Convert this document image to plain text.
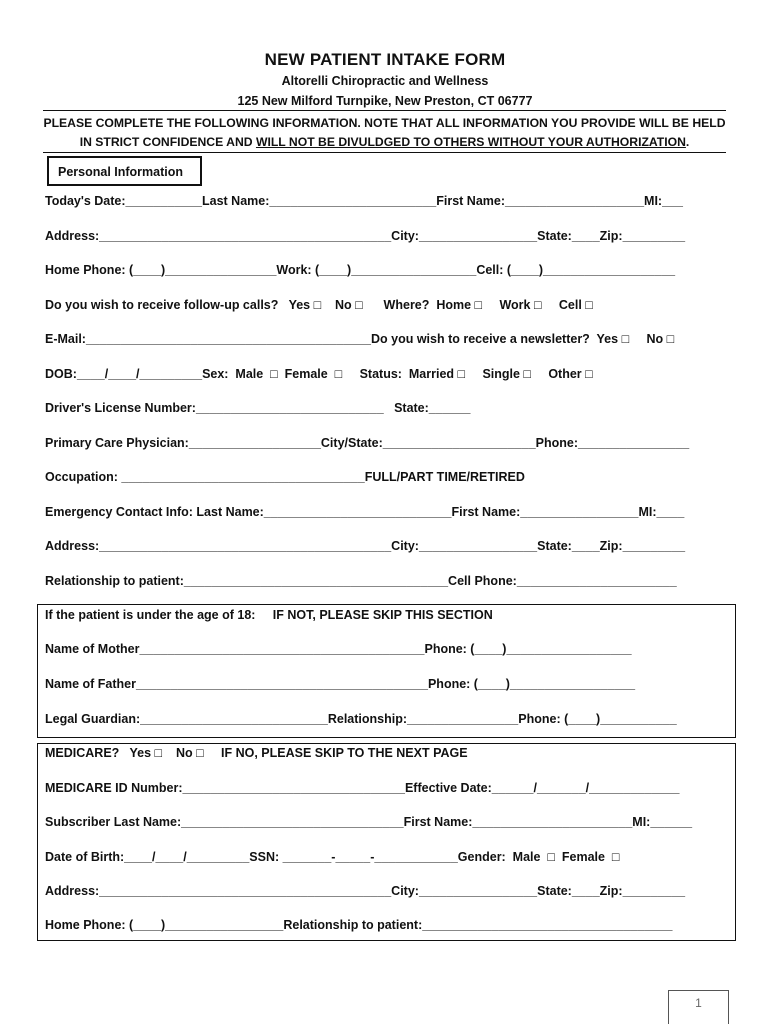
NEW PATIENT INTAKE FORM
Altorelli Chiropractic and Wellness
125 New Milford Turnpike, New Preston, CT 06777
PLEASE COMPLETE THE FOLLOWING INFORMATION. NOTE THAT ALL INFORMATION YOU PROVIDE WILL BE HELD IN STRICT CONFIDENCE AND WILL NOT BE DIVULDGED TO OTHERS WITHOUT YOUR AUTHORIZATION.
Personal Information
Today's Date:___________Last Name:________________________First Name:____________________MI:___
Address:__________________________________________City:_________________State:____Zip:_________
Home Phone: (____)________________Work: (____)__________________Cell: (____)___________________
Do you wish to receive follow-up calls?   Yes □    No □      Where?  Home □     Work □     Cell □
E-Mail:_________________________________________Do you wish to receive a newsletter?  Yes □     No □
DOB:____/____/_________Sex:  Male  □  Female  □     Status:  Married □     Single □     Other □
Driver's License Number:___________________________   State:______
Primary Care Physician:___________________City/State:______________________Phone:________________
Occupation: ___________________________________FULL/PART TIME/RETIRED
Emergency Contact Info: Last Name:___________________________First Name:_________________MI:____
Address:__________________________________________City:_________________State:____Zip:_________
Relationship to patient:______________________________________Cell Phone:_______________________
If the patient is under the age of 18:     IF NOT, PLEASE SKIP THIS SECTION
Name of Mother_________________________________________Phone: (____)__________________
Name of Father__________________________________________Phone: (____)__________________
Legal Guardian:___________________________Relationship:________________Phone: (____)___________
MEDICARE?   Yes □    No □     IF NO, PLEASE SKIP TO THE NEXT PAGE
MEDICARE ID Number:________________________________Effective Date:______/_______/_____________
Subscriber Last Name:________________________________First Name:_______________________MI:______
Date of Birth:____/____/_________SSN: _______-_____-____________Gender:  Male  □  Female  □
Address:__________________________________________City:_________________State:____Zip:_________
Home Phone: (____)_________________Relationship to patient:____________________________________
1
